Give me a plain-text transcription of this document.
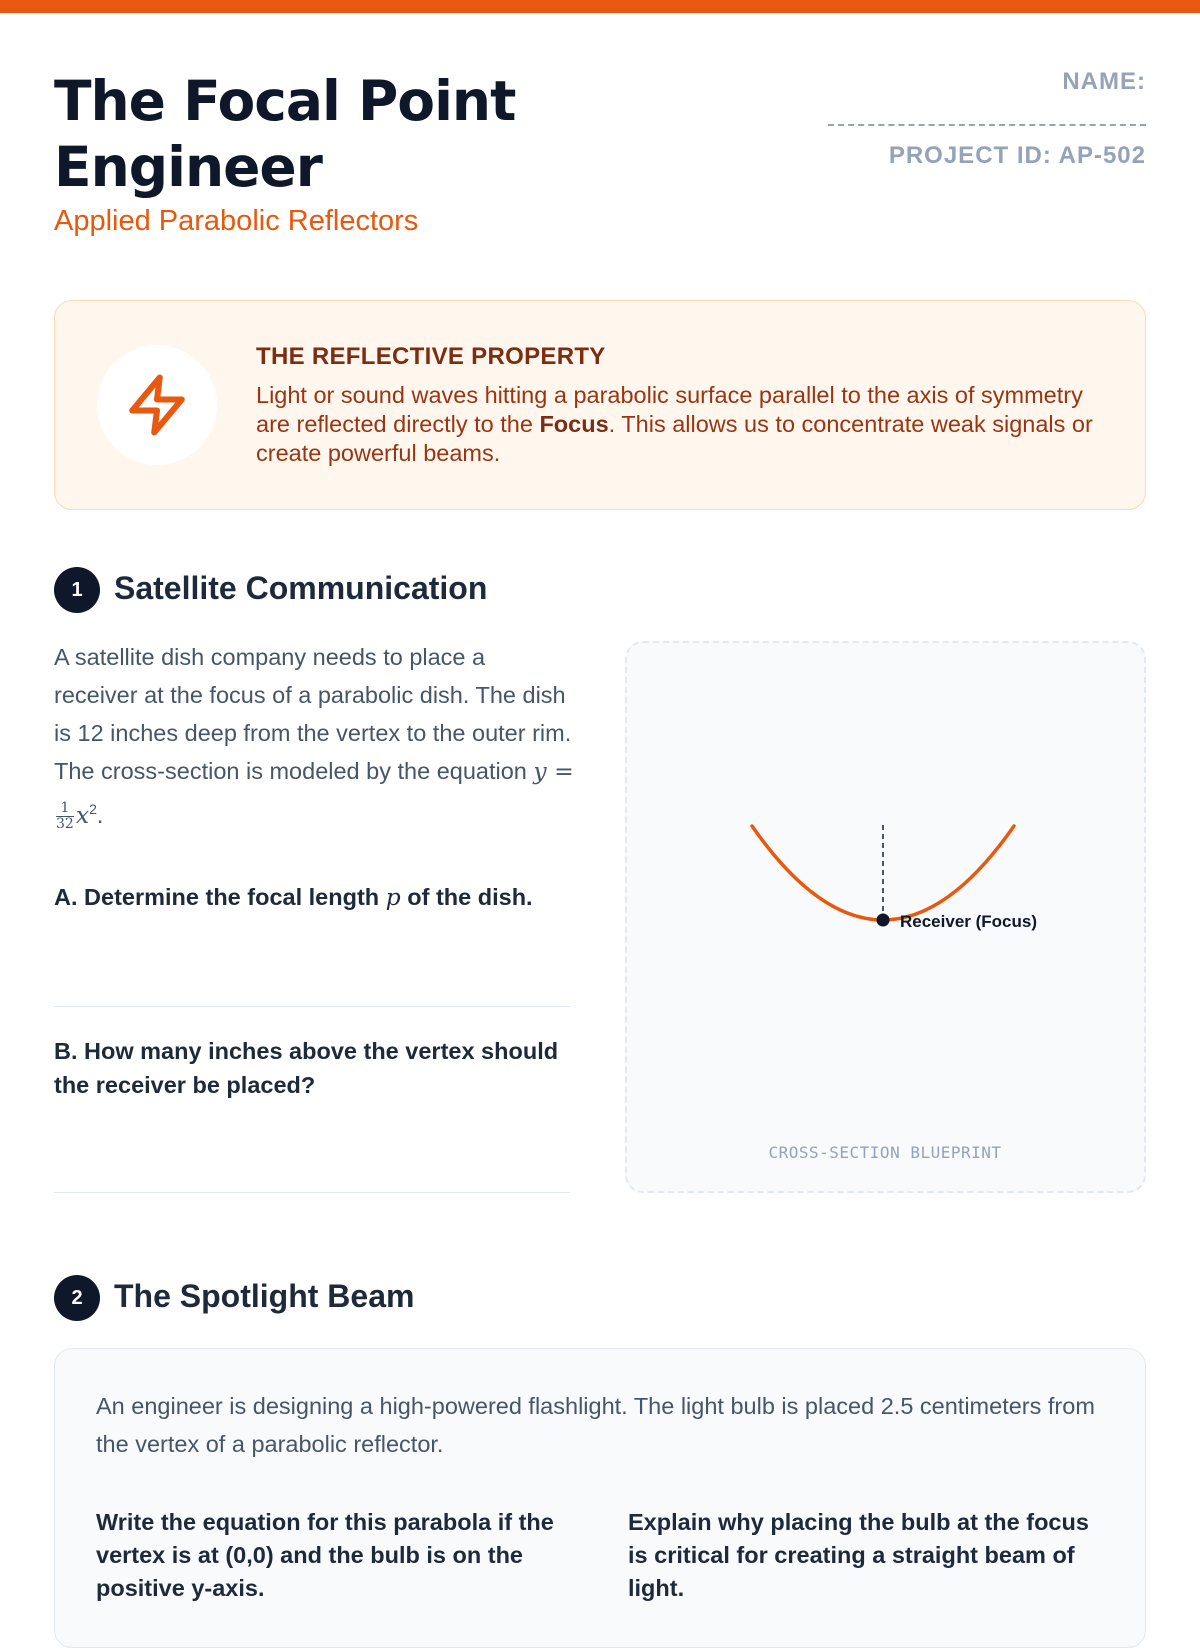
The Focal Point Engineer
Applied Parabolic Reflectors
NAME:
PROJECT ID: AP-502
THE REFLECTIVE PROPERTY
Light or sound waves hitting a parabolic surface parallel to the axis of symmetry are reflected directly to the Focus. This allows us to concentrate weak signals or create powerful beams.
1 Satellite Communication
A satellite dish company needs to place a receiver at the focus of a parabolic dish. The dish is 12 inches deep from the vertex to the outer rim. The cross-section is modeled by the equation y =
$\frac{1}{32} x^2$.
A. Determine the focal length p of the dish.
B. How many inches above the vertex should the receiver be placed?
Receiver (Focus)
CROSS-SECTION BLUEPRINT
2 The Spotlight Beam
An engineer is designing a high-powered flashlight. The light bulb is placed 2.5 centimeters from the vertex of a parabolic reflector.
Write the equation for this parabola if the vertex is at (0,0) and the bulb is on the positive y-axis.
Explain why placing the bulb at the focus is critical for creating a straight beam of light.
